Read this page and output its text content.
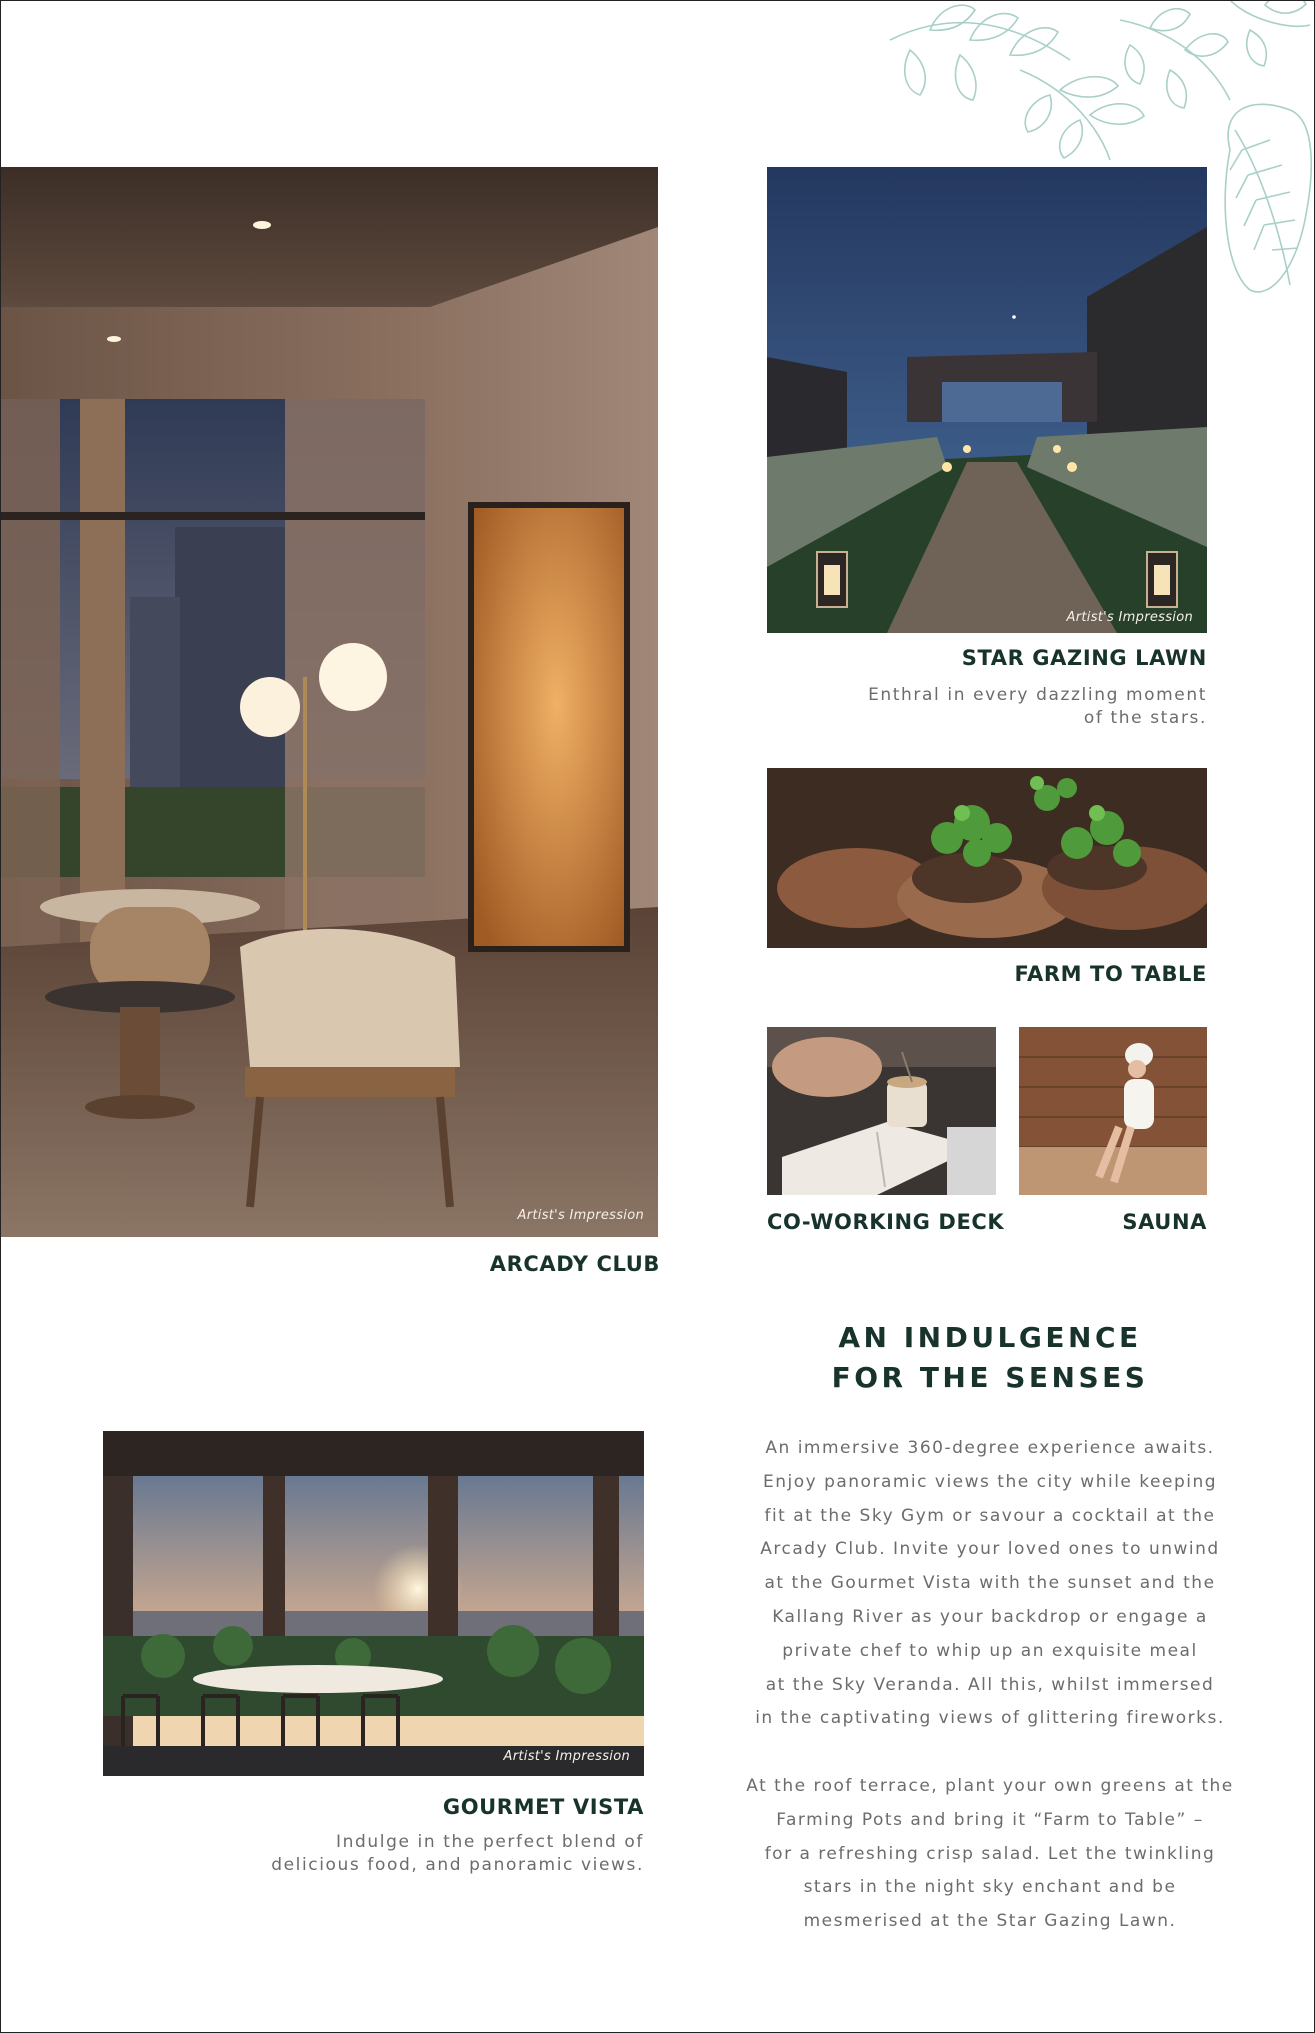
Artist's Impression
ARCADY CLUB
Artist's Impression
STAR GAZING LAWN
Enthral in every dazzling moment
of the stars.
FARM TO TABLE
CO-WORKING DECK	SAUNA
AN INDULGENCE
FOR THE SENSES
Artist's Impression
GOURMET VISTA
Indulge in the perfect blend of
delicious food, and panoramic views.
An immersive 360-degree experience awaits.
Enjoy panoramic views the city while keeping
fit at the Sky Gym or savour a cocktail at the
Arcady Club. Invite your loved ones to unwind
at the Gourmet Vista with the sunset and the
Kallang River as your backdrop or engage a
private chef to whip up an exquisite meal
at the Sky Veranda. All this, whilst immersed
in the captivating views of glittering fireworks.
At the roof terrace, plant your own greens at the
Farming Pots and bring it “Farm to Table” –
for a refreshing crisp salad. Let the twinkling
stars in the night sky enchant and be
mesmerised at the Star Gazing Lawn.
